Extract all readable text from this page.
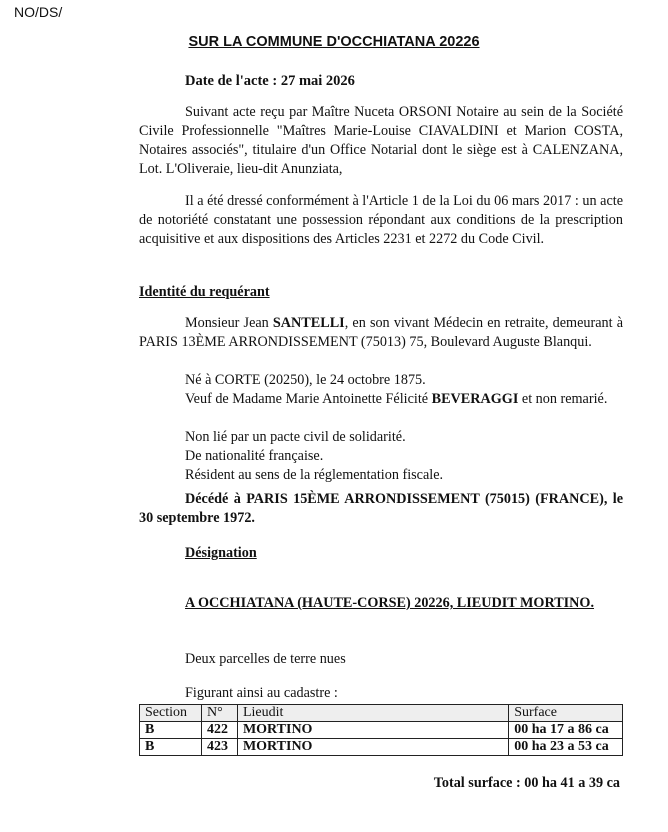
NO/DS/
SUR LA COMMUNE D'OCCHIATANA 20226
Date de l'acte : 27 mai 2026
Suivant acte reçu par Maître Nuceta ORSONI Notaire au sein de la Société Civile Professionnelle "Maîtres Marie-Louise CIAVALDINI et Marion COSTA, Notaires associés", titulaire d'un Office Notarial dont le siège est à CALENZANA, Lot. L'Oliveraie, lieu-dit Anunziata,
Il a été dressé conformément à l'Article 1 de la Loi du 06 mars 2017 : un acte de notoriété constatant une possession répondant aux conditions de la prescription acquisitive et aux dispositions des Articles 2231 et 2272 du Code Civil.
Identité du requérant
Monsieur Jean SANTELLI, en son vivant Médecin en retraite, demeurant à PARIS 13ÈME ARRONDISSEMENT (75013) 75, Boulevard Auguste Blanqui.
Né à CORTE (20250), le 24 octobre 1875.
Veuf de Madame Marie Antoinette Félicité BEVERAGGI et non remarié.
Non lié par un pacte civil de solidarité.
De nationalité française.
Résident au sens de la réglementation fiscale.
Décédé à PARIS 15ÈME ARRONDISSEMENT (75015) (FRANCE), le 30 septembre 1972.
Désignation
A OCCHIATANA (HAUTE-CORSE) 20226, LIEUDIT MORTINO.
Deux parcelles de terre nues
Figurant ainsi au cadastre :
Section	N°	Lieudit	Surface
B	422	MORTINO	00 ha 17 a 86 ca
B	423	MORTINO	00 ha 23 a 53 ca
Total surface : 00 ha 41 a 39 ca
